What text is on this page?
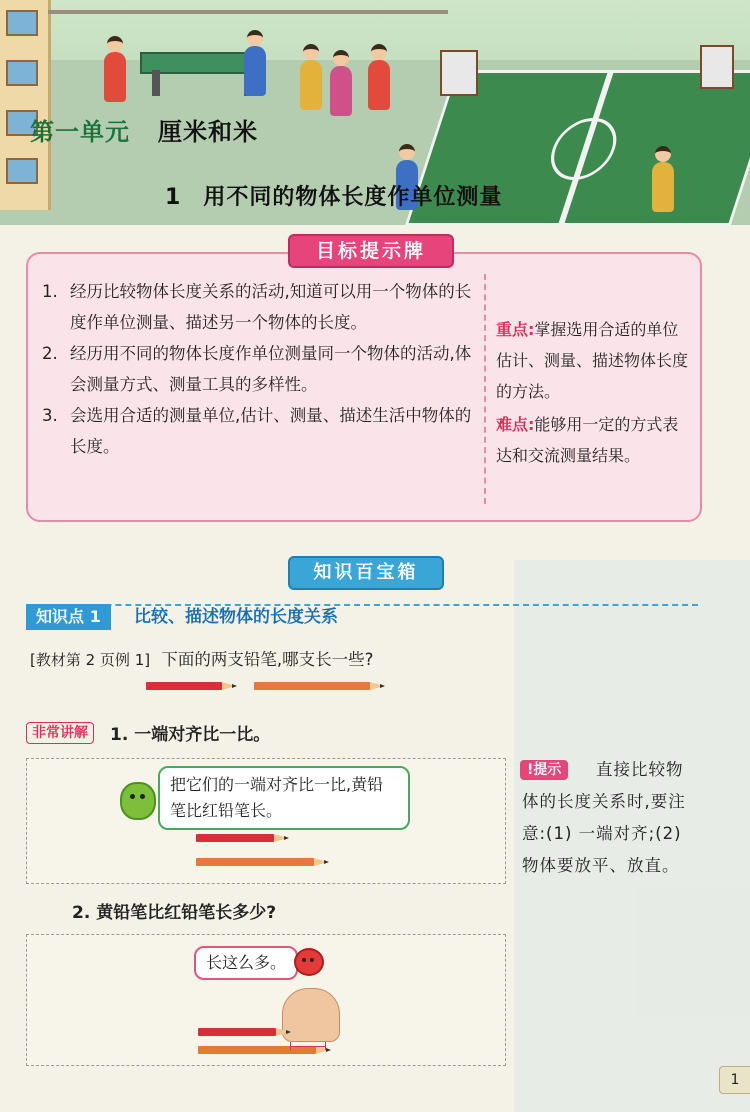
第一单元 厘米和米
1 用不同的物体长度作单位测量
1. 经历比较物体长度关系的活动,知道可以用一个物体的长度作单位测量、描述另一个物体的长度。
2. 经历用不同的物体长度作单位测量同一个物体的活动,体会测量方式、测量工具的多样性。
3. 会选用合适的测量单位,估计、测量、描述生活中物体的长度。

重点:掌握选用合适的单位估计、测量、描述物体长度的方法。

难点:能够用一定的方式表达和交流测量结果。

目标提示牌
知识百宝箱
知识点 1	比较、描述物体的长度关系
[教材第 2 页例 1] 下面的两支铅笔,哪支长一些?
非常讲解	1. 一端对齐比一比。
把它们的一端对齐比一比,黄铅笔比红铅笔长。
2. 黄铅笔比红铅笔长多少?
长这么多。
直接比较物体的长度关系时,要注意:(1) 一端对齐;(2) 物体要放平、放直。
!提示
1
